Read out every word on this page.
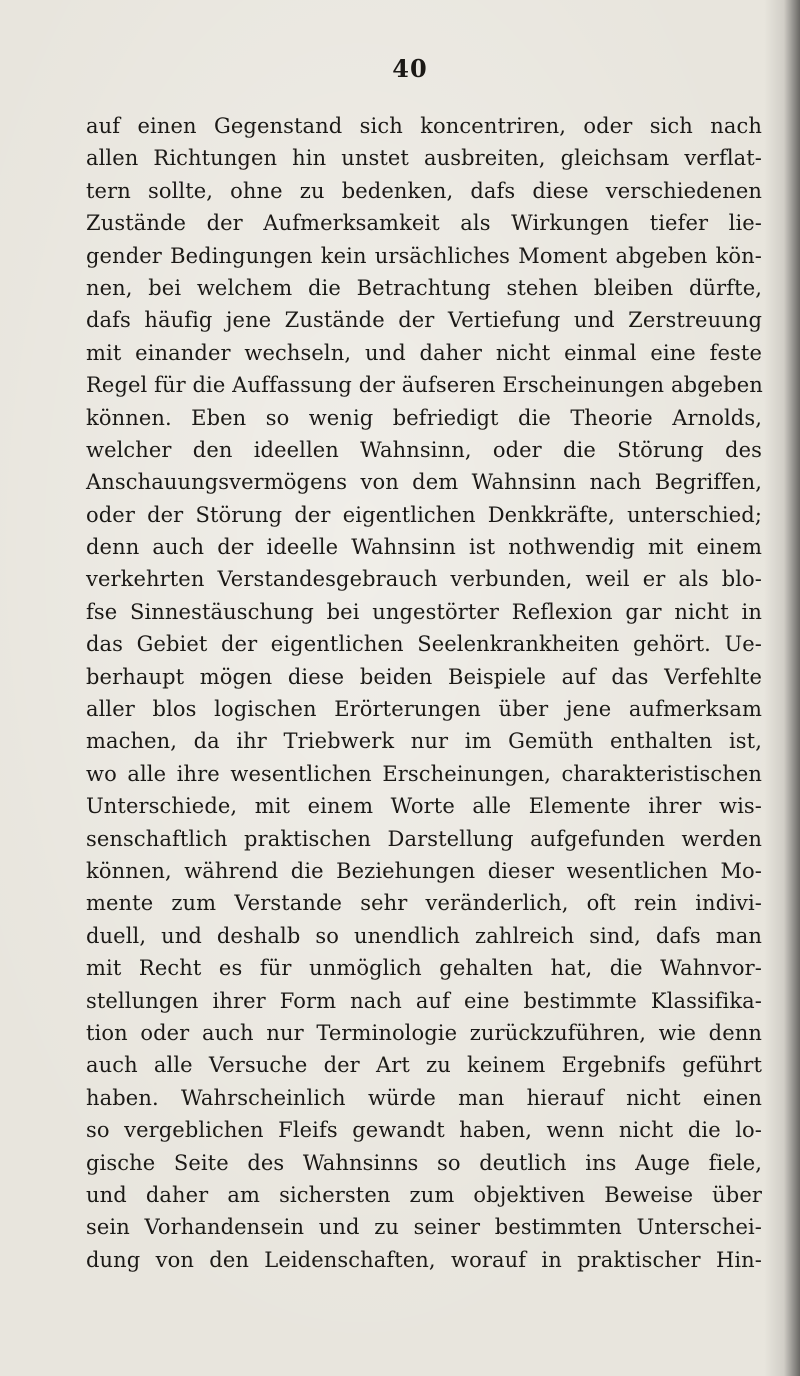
40
auf einen Gegenstand sich koncentriren, oder sich nach
allen Richtungen hin unstet ausbreiten, gleichsam verflat-
tern sollte, ohne zu bedenken, dafs diese verschiedenen
Zustände der Aufmerksamkeit als Wirkungen tiefer lie-
gender Bedingungen kein ursächliches Moment abgeben kön-
nen, bei welchem die Betrachtung stehen bleiben dürfte,
dafs häufig jene Zustände der Vertiefung und Zerstreuung
mit einander wechseln, und daher nicht einmal eine feste
Regel für die Auffassung der äufseren Erscheinungen abgeben
können. Eben so wenig befriedigt die Theorie Arnolds,
welcher den ideellen Wahnsinn, oder die Störung des
Anschauungsvermögens von dem Wahnsinn nach Begriffen,
oder der Störung der eigentlichen Denkkräfte, unterschied;
denn auch der ideelle Wahnsinn ist nothwendig mit einem
verkehrten Verstandesgebrauch verbunden, weil er als blo-
fse Sinnestäuschung bei ungestörter Reflexion gar nicht in
das Gebiet der eigentlichen Seelenkrankheiten gehört. Ue-
berhaupt mögen diese beiden Beispiele auf das Verfehlte
aller blos logischen Erörterungen über jene aufmerksam
machen, da ihr Triebwerk nur im Gemüth enthalten ist,
wo alle ihre wesentlichen Erscheinungen, charakteristischen
Unterschiede, mit einem Worte alle Elemente ihrer wis-
senschaftlich praktischen Darstellung aufgefunden werden
können, während die Beziehungen dieser wesentlichen Mo-
mente zum Verstande sehr veränderlich, oft rein indivi-
duell, und deshalb so unendlich zahlreich sind, dafs man
mit Recht es für unmöglich gehalten hat, die Wahnvor-
stellungen ihrer Form nach auf eine bestimmte Klassifika-
tion oder auch nur Terminologie zurückzuführen, wie denn
auch alle Versuche der Art zu keinem Ergebnifs geführt
haben. Wahrscheinlich würde man hierauf nicht einen
so vergeblichen Fleifs gewandt haben, wenn nicht die lo-
gische Seite des Wahnsinns so deutlich ins Auge fiele,
und daher am sichersten zum objektiven Beweise über
sein Vorhandensein und zu seiner bestimmten Unterschei-
dung von den Leidenschaften, worauf in praktischer Hin-
